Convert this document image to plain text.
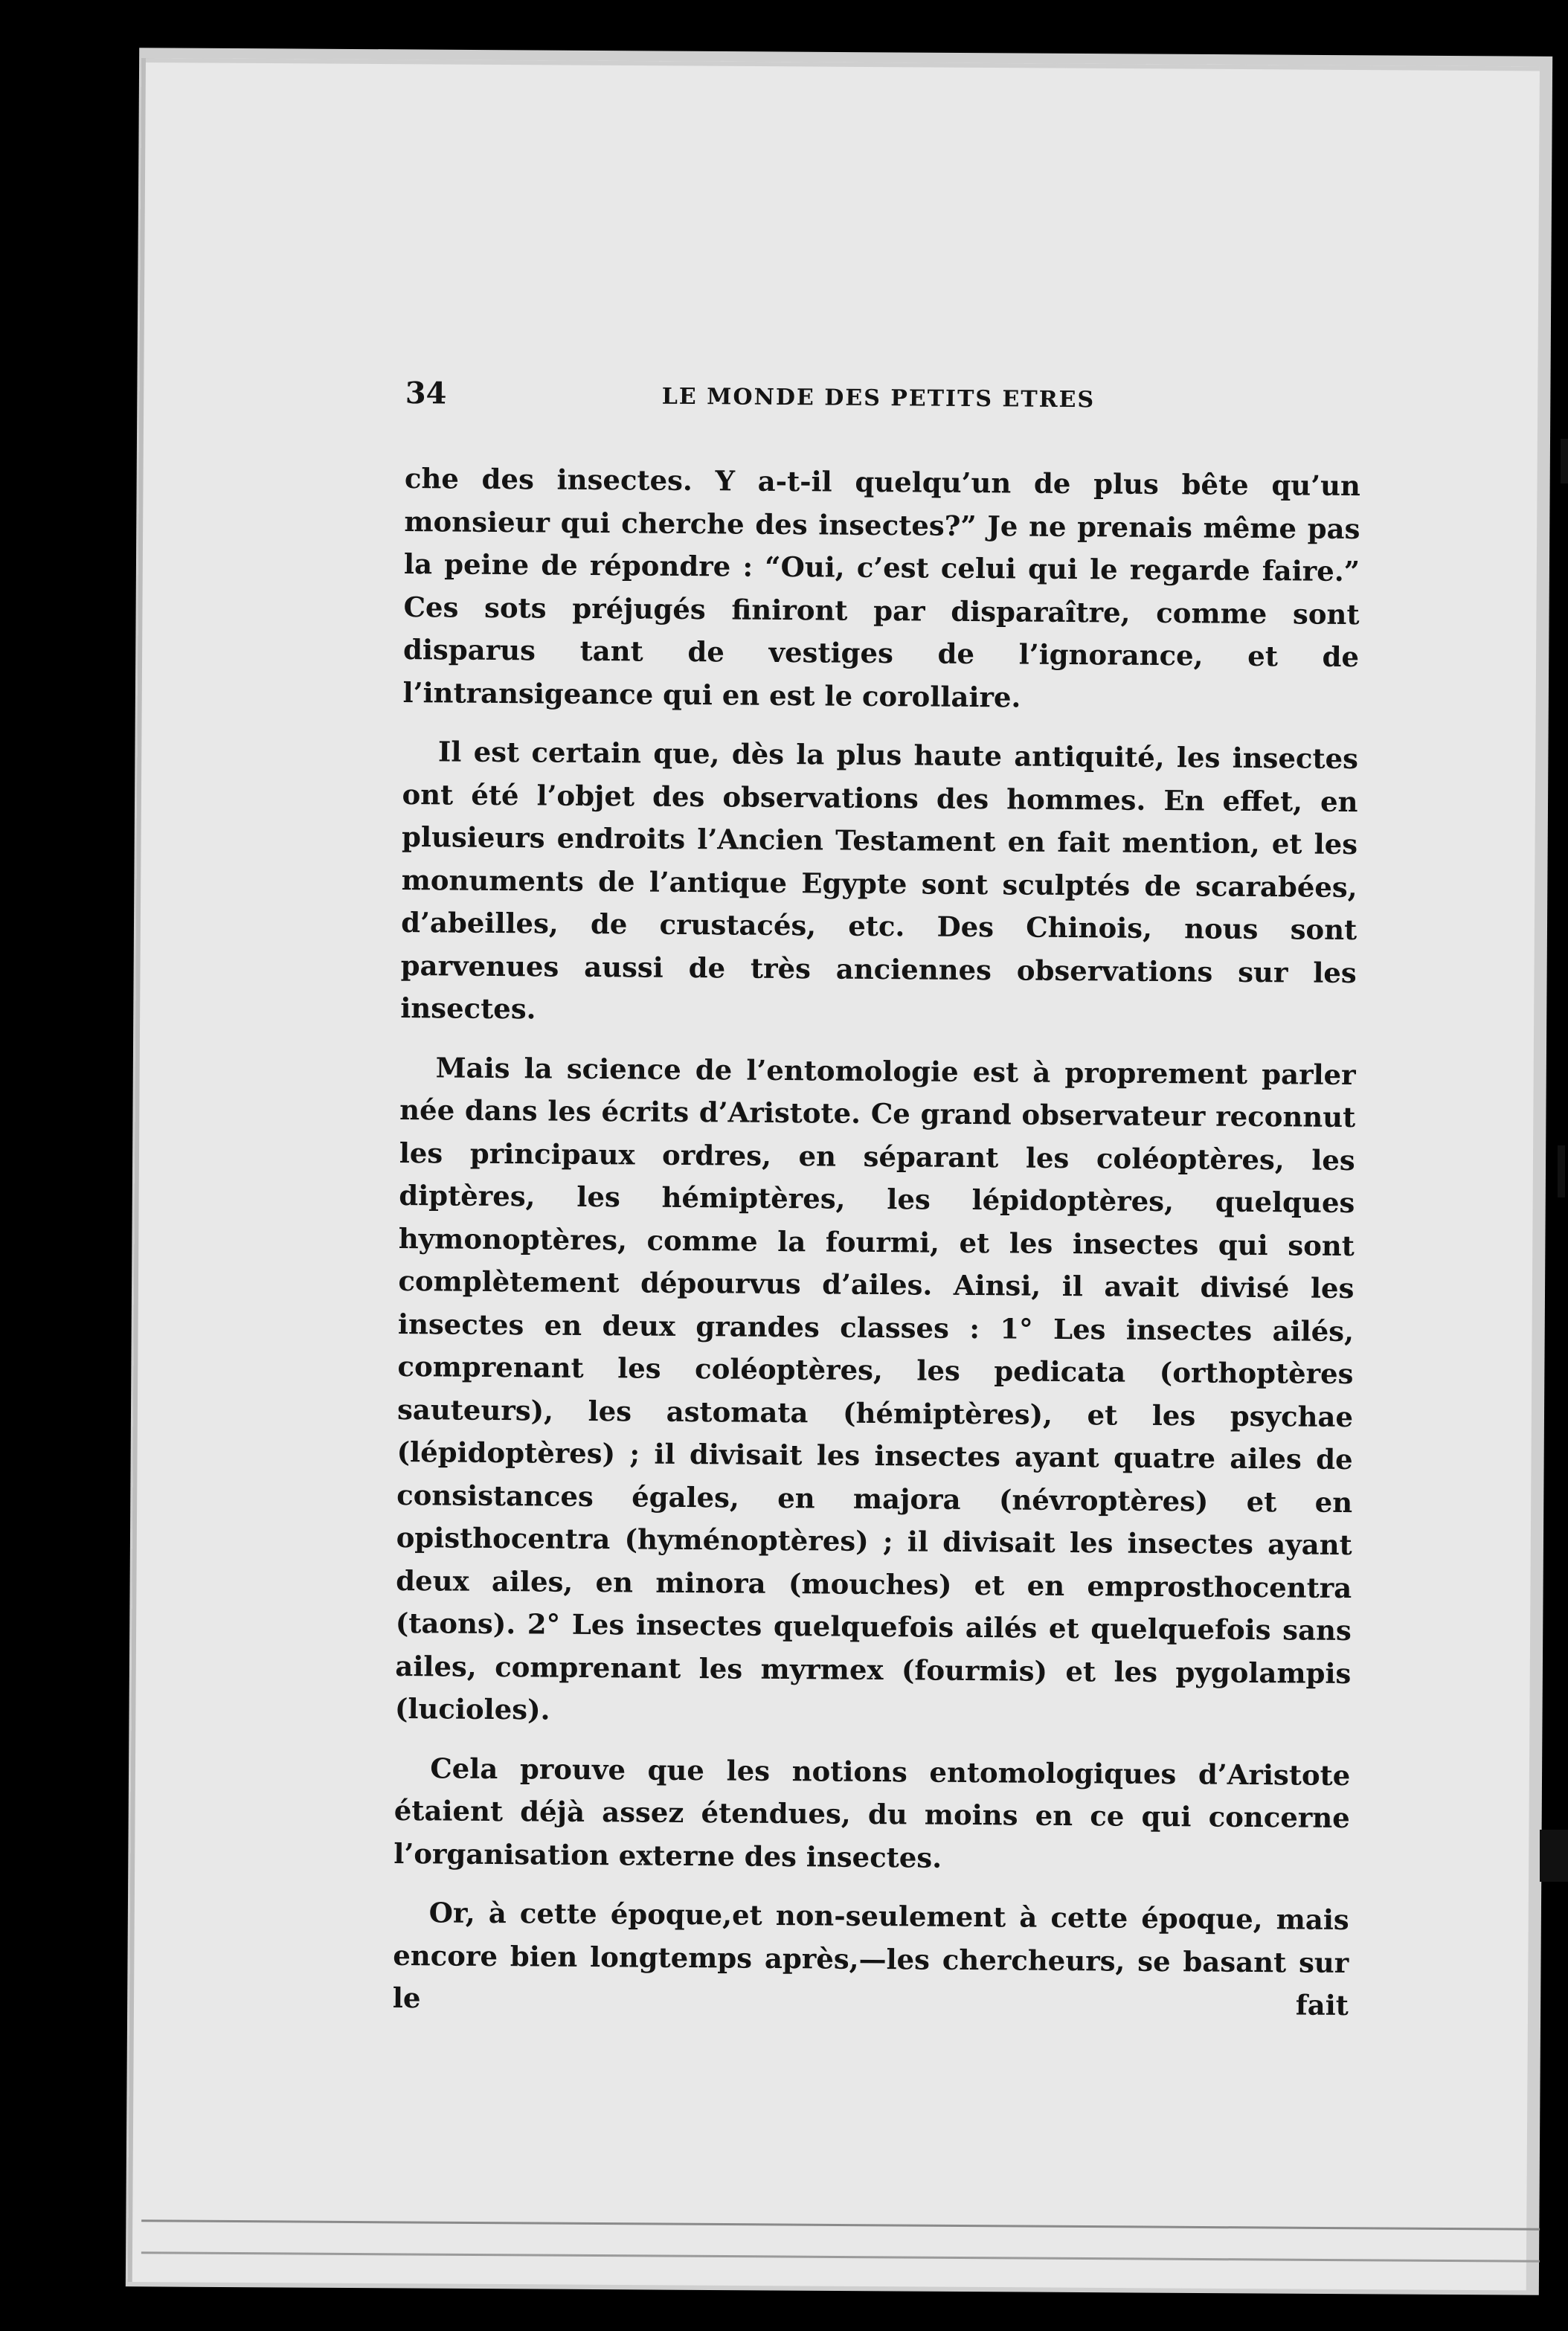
34	LE MONDE DES PETITS ETRES

che des insectes. Y a-t-il quelqu’un de plus bête qu’un monsieur qui cherche des insectes?” Je ne prenais même pas la peine de répondre : “Oui, c’est celui qui le regarde faire.” Ces sots préjugés finiront par disparaître, comme sont disparus tant de vestiges de l’ignorance, et de l’intransigeance qui en est le corollaire.

Il est certain que, dès la plus haute antiquité, les insectes ont été l’objet des observations des hommes. En effet, en plusieurs endroits l’Ancien Testament en fait mention, et les monuments de l’antique Egypte sont sculptés de scarabées, d’abeilles, de crustacés, etc. Des Chinois, nous sont parvenues aussi de très anciennes observations sur les insectes.

Mais la science de l’entomologie est à proprement parler née dans les écrits d’Aristote. Ce grand observateur reconnut les principaux ordres, en séparant les coléoptères, les diptères, les hémiptères, les lépidoptères, quelques hymonoptères, comme la fourmi, et les insectes qui sont complètement dépourvus d’ailes. Ainsi, il avait divisé les insectes en deux grandes classes : 1° Les insectes ailés, comprenant les coléoptères, les pedicata (orthoptères sauteurs), les astomata (hémiptères), et les psychae (lépidoptères) ; il divisait les insectes ayant quatre ailes de consistances égales, en majora (névroptères) et en opisthocentra (hyménoptères) ; il divisait les insectes ayant deux ailes, en minora (mouches) et en emprosthocentra (taons). 2° Les insectes quelquefois ailés et quelquefois sans ailes, comprenant les myrmex (fourmis) et les pygolampis (lucioles).

Cela prouve que les notions entomologiques d’Aristote étaient déjà assez étendues, du moins en ce qui concerne l’organisation externe des insectes.

Or, à cette époque,et non-seulement à cette époque, mais encore bien longtemps après,—les chercheurs, se basant sur le fait
